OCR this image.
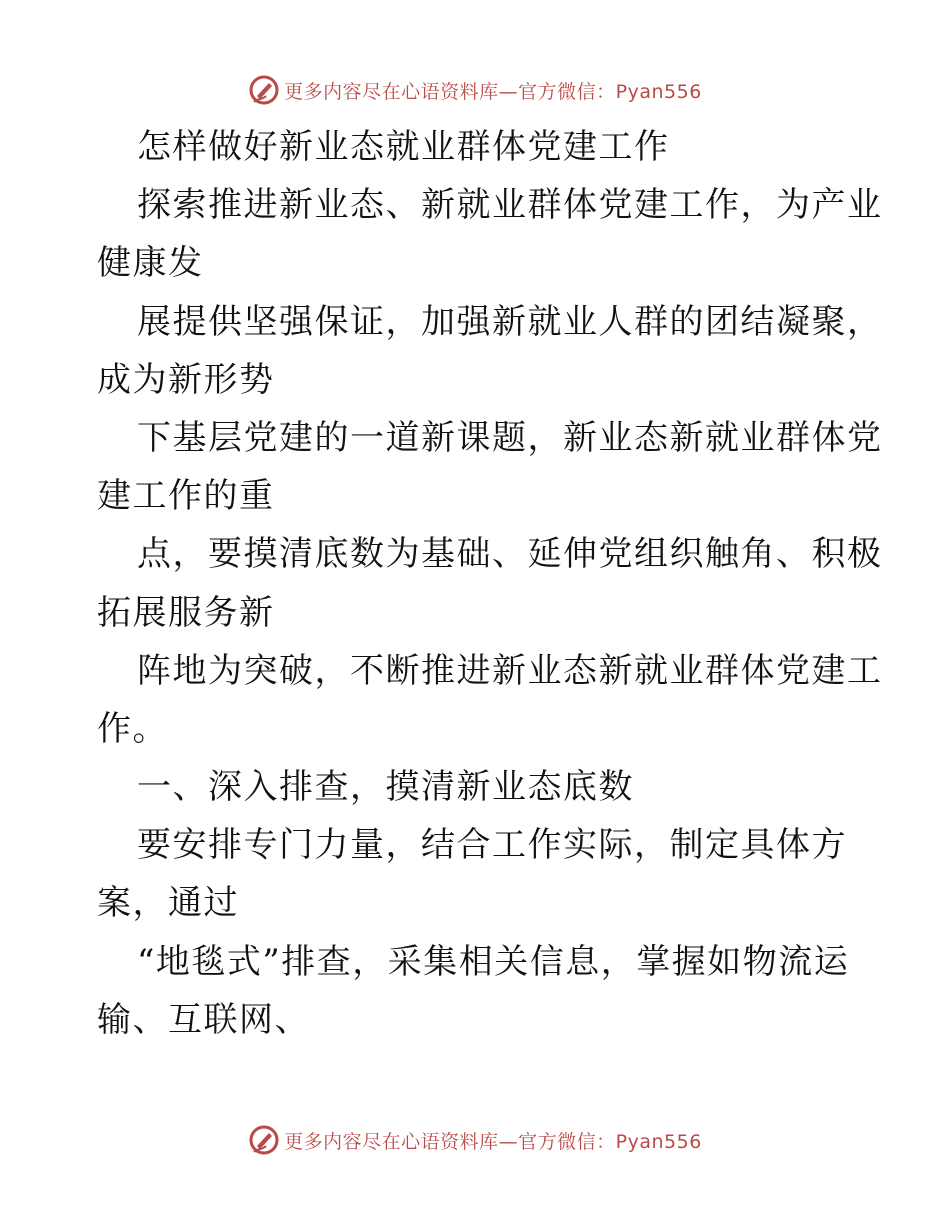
更多内容尽在心语资料库—官方微信：Pyan556
怎样做好新业态就业群体党建工作
探索推进新业态、新就业群体党建工作，为产业
健康发
展提供坚强保证，加强新就业人群的团结凝聚，
成为新形势
下基层党建的一道新课题，新业态新就业群体党
建工作的重
点，要摸清底数为基础、延伸党组织触角、积极
拓展服务新
阵地为突破，不断推进新业态新就业群体党建工
作。
一、深入排查，摸清新业态底数
要安排专门力量，结合工作实际，制定具体方
案，通过
“地毯式”排查，采集相关信息，掌握如物流运
输、互联网、
更多内容尽在心语资料库—官方微信：Pyan556
